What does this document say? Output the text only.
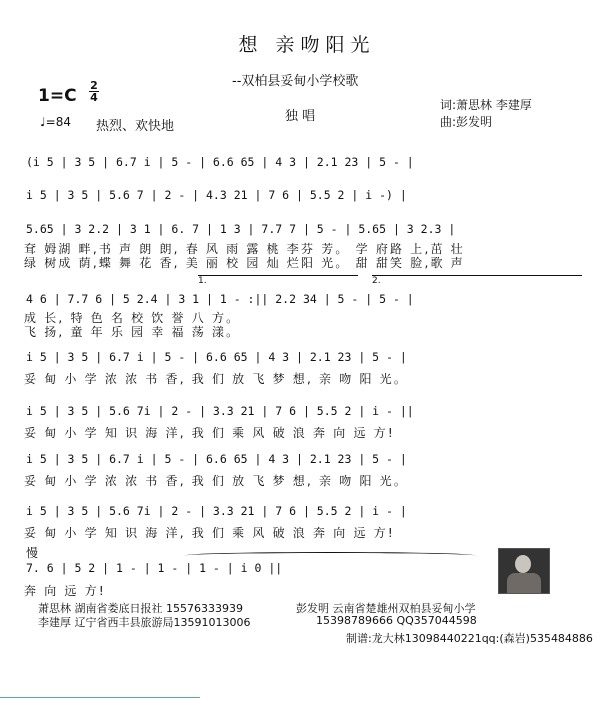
想 亲吻阳光
--双柏县妥甸小学校歌
1=C
2
4
♩=84 热烈、欢快地
独 唱
词:萧思林 李建厚
曲:彭发明
(i 5 | 3 5 | 6.7 i | 5 - | 6.6 65 | 4 3 | 2.1 23 | 5 - |
i 5 | 3 5 | 5.6 7 | 2 - | 4.3 21 | 7 6 | 5.5 2 | i -) |
5.65 | 3 2.2 | 3 1 | 6. 7 | 1 3 | 7.7 7 | 5 - | 5.65 | 3 2.3 |
耷 姆湖 畔,书 声 朗 朗, 春 风 雨 露 桃 李芬 芳。 学 府路 上,茁 壮
绿 树成 荫,蝶 舞 花 香, 美 丽 校 园 灿 烂阳 光。 甜 甜笑 脸,歌 声
1.	2.
4 6 | 7.7 6 | 5 2.4 | 3 1 | 1 - :|| 2.2 34 | 5 - | 5 - |
成 长, 特 色 名 校 饮 誉 八 方。
飞 扬, 童 年 乐 园 幸 福 荡 漾。
i 5 | 3 5 | 6.7 i | 5 - | 6.6 65 | 4 3 | 2.1 23 | 5 - |
妥 甸 小 学 浓 浓 书 香, 我 们 放 飞 梦 想, 亲 吻 阳 光。
i 5 | 3 5 | 5.6 7i | 2 - | 3.3 21 | 7 6 | 5.5 2 | i - ||
妥 甸 小 学 知 识 海 洋, 我 们 乘 风 破 浪 奔 向 远 方!
i 5 | 3 5 | 6.7 i | 5 - | 6.6 65 | 4 3 | 2.1 23 | 5 - |
妥 甸 小 学 浓 浓 书 香, 我 们 放 飞 梦 想, 亲 吻 阳 光。
i 5 | 3 5 | 5.6 7i | 2 - | 3.3 21 | 7 6 | 5.5 2 | i - |
妥 甸 小 学 知 识 海 洋, 我 们 乘 风 破 浪 奔 向 远 方!
慢
7. 6 | 5 2 | 1 - | 1 - | 1 - | i 0 ||
奔 向 远 方!
萧思林 湖南省娄底日报社 15576333939	彭发明 云南省楚雄州双柏县妥甸小学
李建厚 辽宁省西丰县旅游局13591013006	15398789666 QQ357044598
制谱:龙大林13098440221qq:(森岩)535484886
